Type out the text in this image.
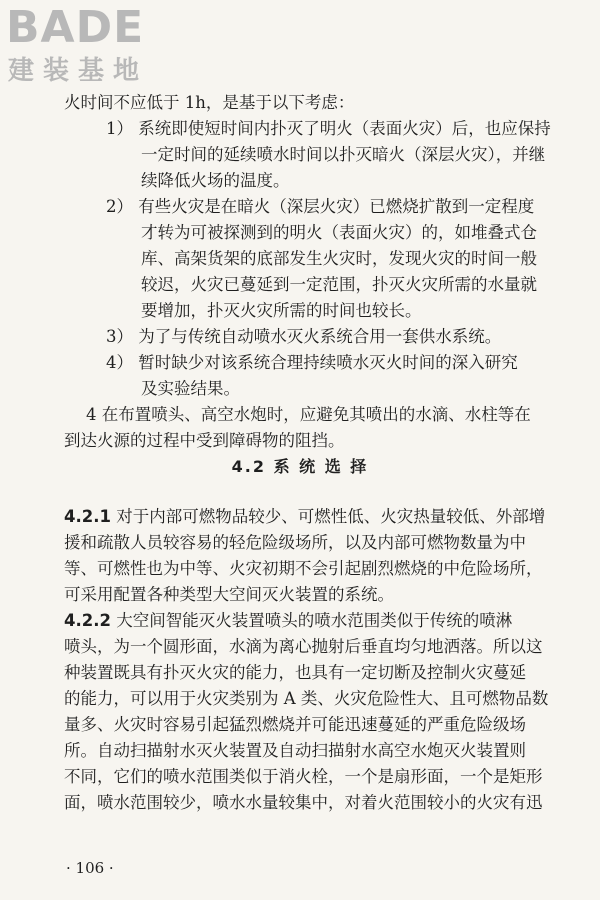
BADE
建装基地
火时间不应低于 1h，是基于以下考虑：
1） 系统即使短时间内扑灭了明火（表面火灾）后，也应保持
一定时间的延续喷水时间以扑灭暗火（深层火灾），并继
续降低火场的温度。
2） 有些火灾是在暗火（深层火灾）已燃烧扩散到一定程度
才转为可被探测到的明火（表面火灾）的，如堆叠式仓
库、高架货架的底部发生火灾时，发现火灾的时间一般
较迟，火灾已蔓延到一定范围，扑灭火灾所需的水量就
要增加，扑灭火灾所需的时间也较长。
3） 为了与传统自动喷水灭火系统合用一套供水系统。
4） 暂时缺少对该系统合理持续喷水灭火时间的深入研究
及实验结果。
4 在布置喷头、高空水炮时，应避免其喷出的水滴、水柱等在
到达火源的过程中受到障碍物的阻挡。
4.2 系 统 选 择
4.2.1 对于内部可燃物品较少、可燃性低、火灾热量较低、外部增
援和疏散人员较容易的轻危险级场所，以及内部可燃物数量为中
等、可燃性也为中等、火灾初期不会引起剧烈燃烧的中危险场所，
可采用配置各种类型大空间灭火装置的系统。
4.2.2 大空间智能灭火装置喷头的喷水范围类似于传统的喷淋
喷头，为一个圆形面，水滴为离心抛射后垂直均匀地洒落。所以这
种装置既具有扑灭火灾的能力，也具有一定切断及控制火灾蔓延
的能力，可以用于火灾类别为 A 类、火灾危险性大、且可燃物品数
量多、火灾时容易引起猛烈燃烧并可能迅速蔓延的严重危险级场
所。自动扫描射水灭火装置及自动扫描射水高空水炮灭火装置则
不同，它们的喷水范围类似于消火栓，一个是扇形面，一个是矩形
面，喷水范围较少，喷水水量较集中，对着火范围较小的火灾有迅
· 106 ·
